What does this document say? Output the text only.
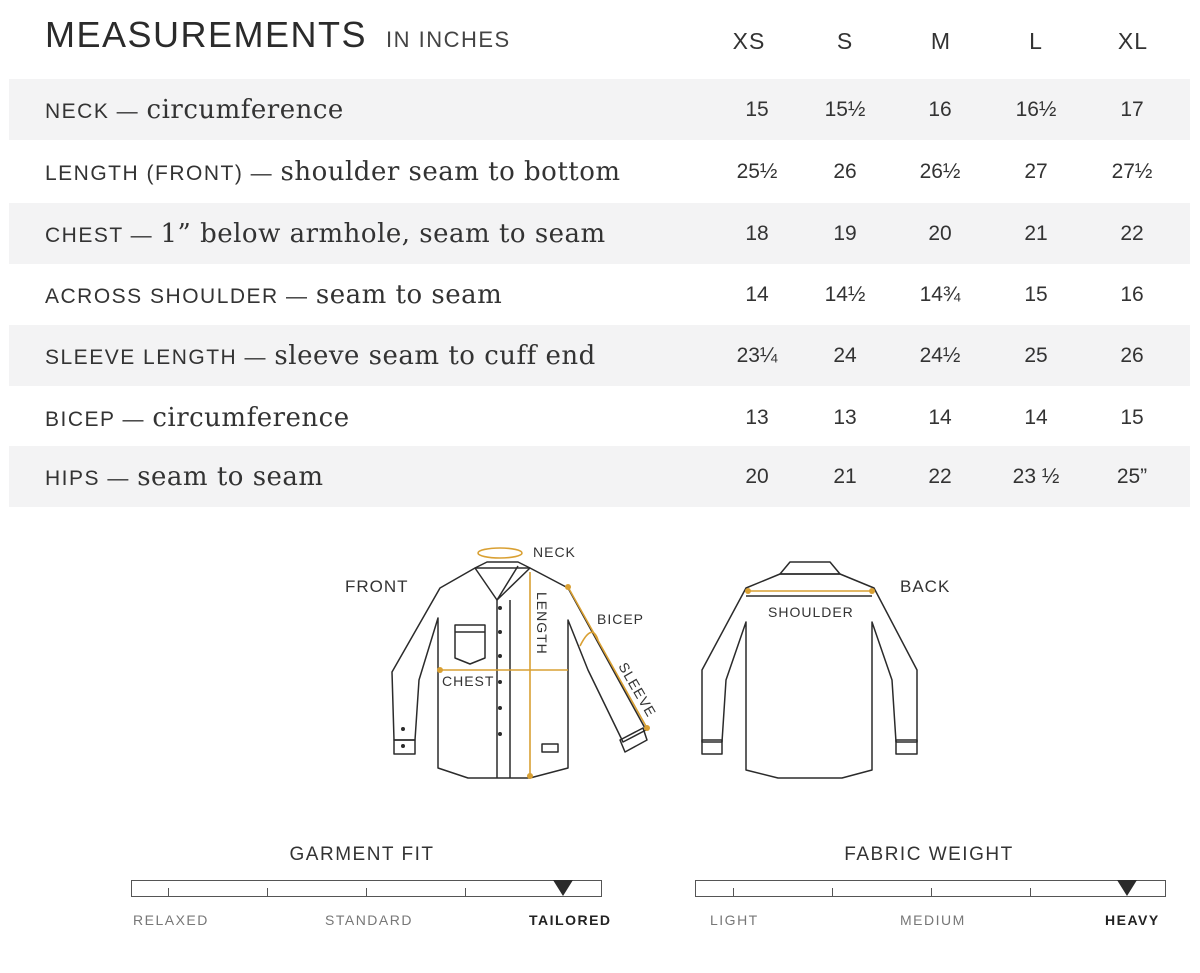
MEASUREMENTS IN INCHES	XS	S	M	L	XL
NECK — circumference	15	15½	16	16½	17
LENGTH (FRONT) — shoulder seam to bottom	25½	26	26½	27	27½
CHEST — 1” below armhole, seam to seam	18	19	20	21	22
ACROSS SHOULDER — seam to seam	14	14½	14¾	15	16
SLEEVE LENGTH — sleeve seam to cuff end	23¼	24	24½	25	26
BICEP — circumference	13	13	14	14	15
HIPS — seam to seam	20	21	22	23 ½	25”
FRONT	BACK
NECK
BICEP
CHEST
SHOULDER
LENGTH
SLEEVE
GARMENT FIT
RELAXED	STANDARD	TAILORED
FABRIC WEIGHT
LIGHT	MEDIUM	HEAVY
